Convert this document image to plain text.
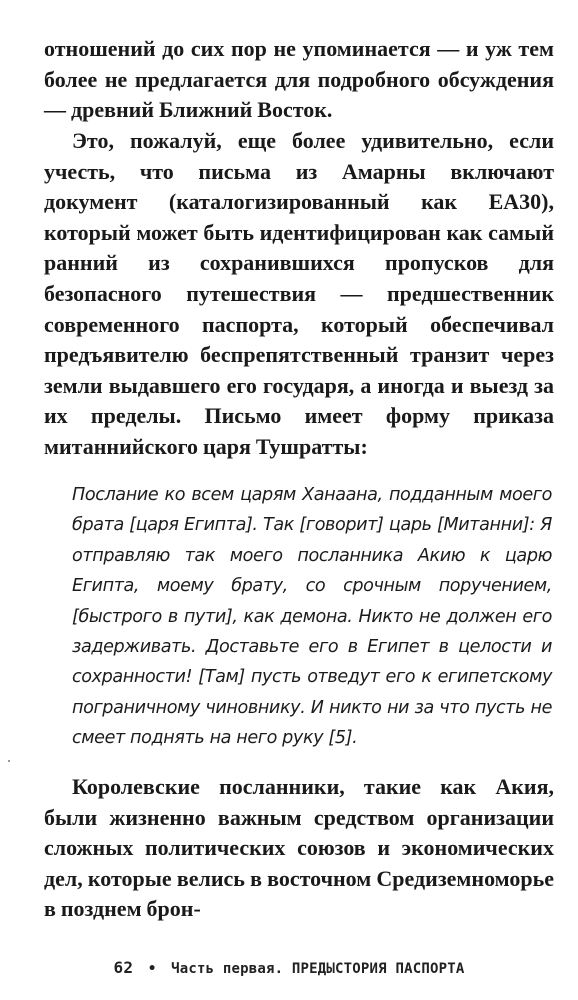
отношений до сих пор не упоминается — и уж тем более не предлагается для подробного обсуждения — древний Ближний Восток.

Это, пожалуй, еще более удивительно, если учесть, что письма из Амарны включают документ (каталогизированный как EA30), который может быть идентифицирован как самый ранний из сохранившихся пропусков для безопасного путешествия — предшественник современного паспорта, который обеспечивал предъявителю беспрепятственный транзит через земли выдавшего его государя, а иногда и выезд за их пределы. Письмо имеет форму приказа митаннийского царя Тушратты:

Послание ко всем царям Ханаана, подданным моего брата [царя Египта]. Так [говорит] царь [Митанни]: Я отправляю так моего посланника Акию к царю Египта, моему брату, со срочным поручением, [быстрого в пути], как демона. Никто не должен его задерживать. Доставьте его в Египет в целости и сохранности! [Там] пусть отведут его к египетскому пограничному чиновнику. И никто ни за что пусть не смеет поднять на него руку [5].

Королевские посланники, такие как Акия, были жизненно важным средством организации сложных политических союзов и экономических дел, которые велись в восточном Средиземноморье в позднем брон-

62 • Часть первая. ПРЕДЫСТОРИЯ ПАСПОРТА
